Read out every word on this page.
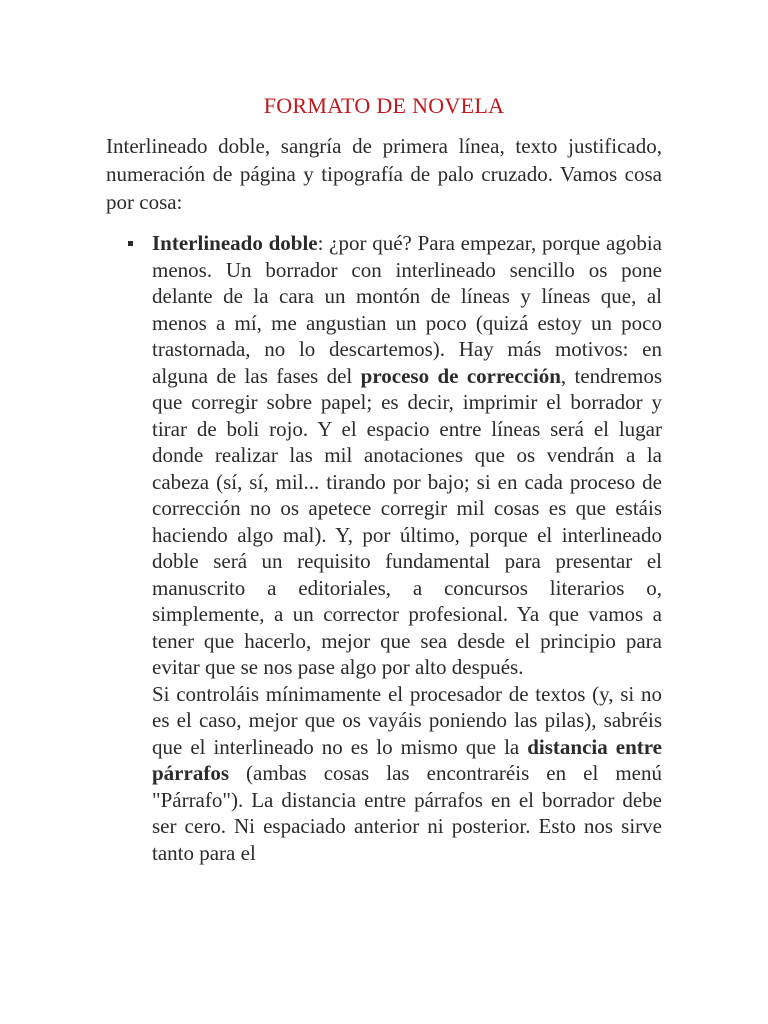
FORMATO DE NOVELA

Interlineado doble, sangría de primera línea, texto justificado, numeración de página y tipografía de palo cruzado. Vamos cosa por cosa:

Interlineado doble: ¿por qué? Para empezar, porque agobia menos. Un borrador con interlineado sencillo os pone delante de la cara un montón de líneas y líneas que, al menos a mí, me angustian un poco (quizá estoy un poco trastornada, no lo descartemos). Hay más motivos: en alguna de las fases del proceso de corrección, tendremos que corregir sobre papel; es decir, imprimir el borrador y tirar de boli rojo. Y el espacio entre líneas será el lugar donde realizar las mil anotaciones que os vendrán a la cabeza (sí, sí, mil... tirando por bajo; si en cada proceso de corrección no os apetece corregir mil cosas es que estáis haciendo algo mal). Y, por último, porque el interlineado doble será un requisito fundamental para presentar el manuscrito a editoriales, a concursos literarios o, simplemente, a un corrector profesional. Ya que vamos a tener que hacerlo, mejor que sea desde el principio para evitar que se nos pase algo por alto después.

Si controláis mínimamente el procesador de textos (y, si no es el caso, mejor que os vayáis poniendo las pilas), sabréis que el interlineado no es lo mismo que la distancia entre párrafos (ambas cosas las encontraréis en el menú "Párrafo"). La distancia entre párrafos en el borrador debe ser cero. Ni espaciado anterior ni posterior. Esto nos sirve tanto para el
